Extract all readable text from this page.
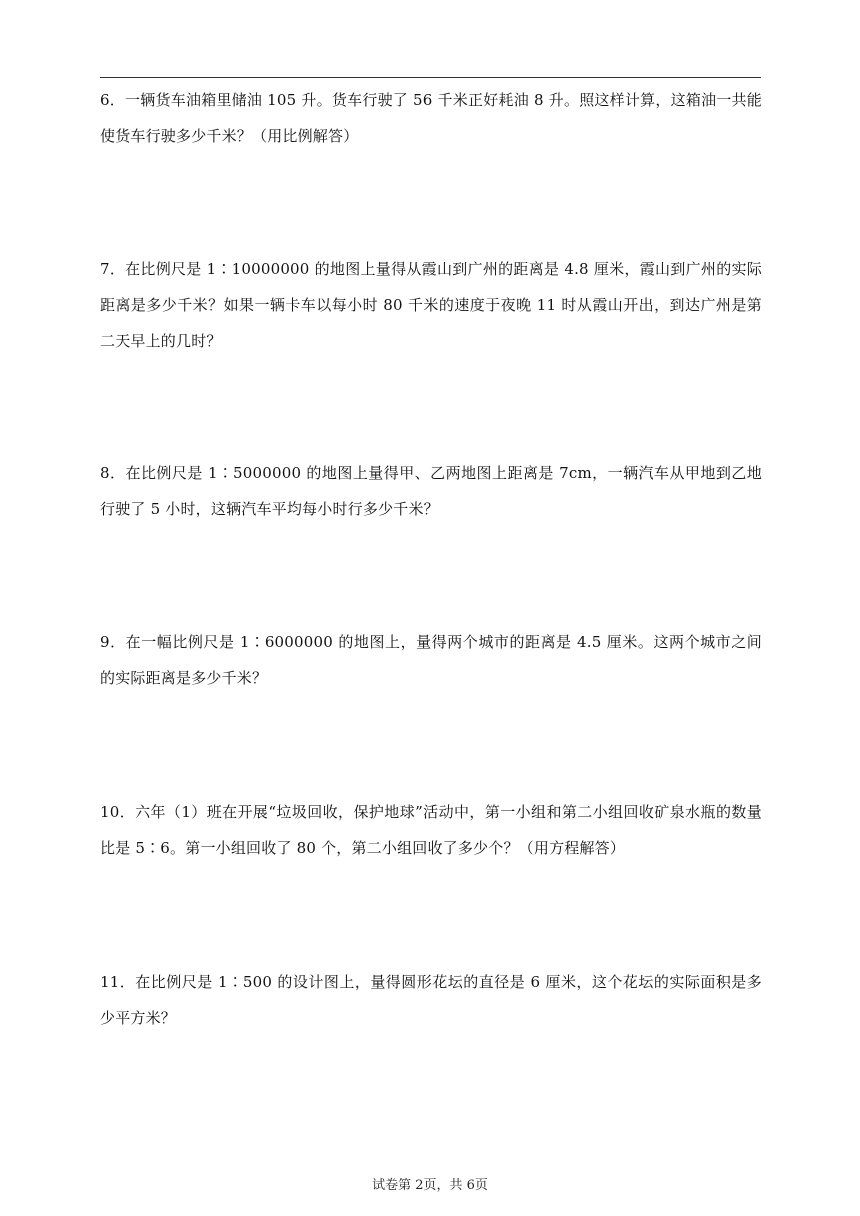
6．一辆货车油箱里储油 105 升。货车行驶了 56 千米正好耗油 8 升。照这样计算，这箱油一共能使货车行驶多少千米？（用比例解答）

7．在比例尺是 1∶10000000 的地图上量得从霞山到广州的距离是 4.8 厘米，霞山到广州的实际距离是多少千米？如果一辆卡车以每小时 80 千米的速度于夜晚 11 时从霞山开出，到达广州是第二天早上的几时？

8．在比例尺是 1∶5000000 的地图上量得甲、乙两地图上距离是 7cm，一辆汽车从甲地到乙地行驶了 5 小时，这辆汽车平均每小时行多少千米？

9．在一幅比例尺是 1∶6000000 的地图上，量得两个城市的距离是 4.5 厘米。这两个城市之间的实际距离是多少千米？

10．六年（1）班在开展“垃圾回收，保护地球”活动中，第一小组和第二小组回收矿泉水瓶的数量比是 5∶6。第一小组回收了 80 个，第二小组回收了多少个？（用方程解答）

11．在比例尺是 1∶500 的设计图上，量得圆形花坛的直径是 6 厘米，这个花坛的实际面积是多少平方米？

试卷第 2页，共 6页
